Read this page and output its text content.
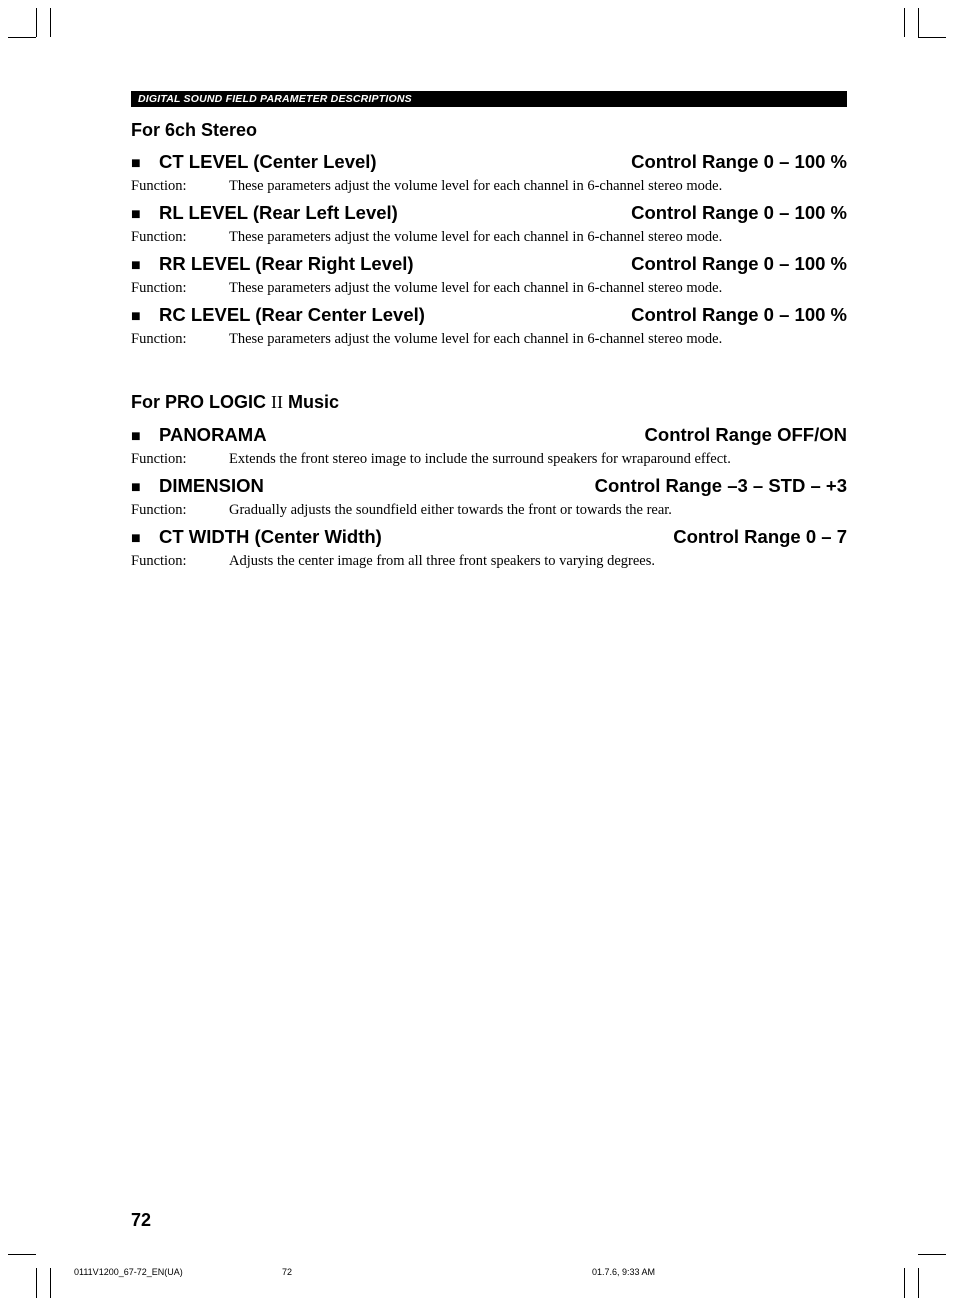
DIGITAL SOUND FIELD PARAMETER DESCRIPTIONS
For 6ch Stereo
■ CT LEVEL (Center Level)	Control Range 0 – 100 %
Function:	These parameters adjust the volume level for each channel in 6-channel stereo mode.
■ RL LEVEL (Rear Left Level)	Control Range 0 – 100 %
Function:	These parameters adjust the volume level for each channel in 6-channel stereo mode.
■ RR LEVEL (Rear Right Level)	Control Range 0 – 100 %
Function:	These parameters adjust the volume level for each channel in 6-channel stereo mode.
■ RC LEVEL (Rear Center Level)	Control Range 0 – 100 %
Function:	These parameters adjust the volume level for each channel in 6-channel stereo mode.
For PRO LOGIC II Music
■ PANORAMA	Control Range OFF/ON
Function:	Extends the front stereo image to include the surround speakers for wraparound effect.
■ DIMENSION	Control Range –3 – STD – +3
Function:	Gradually adjusts the soundfield either towards the front or towards the rear.
■ CT WIDTH (Center Width)	Control Range 0 – 7
Function:	Adjusts the center image from all three front speakers to varying degrees.
72
0111V1200_67-72_EN(UA)	72	01.7.6, 9:33 AM
